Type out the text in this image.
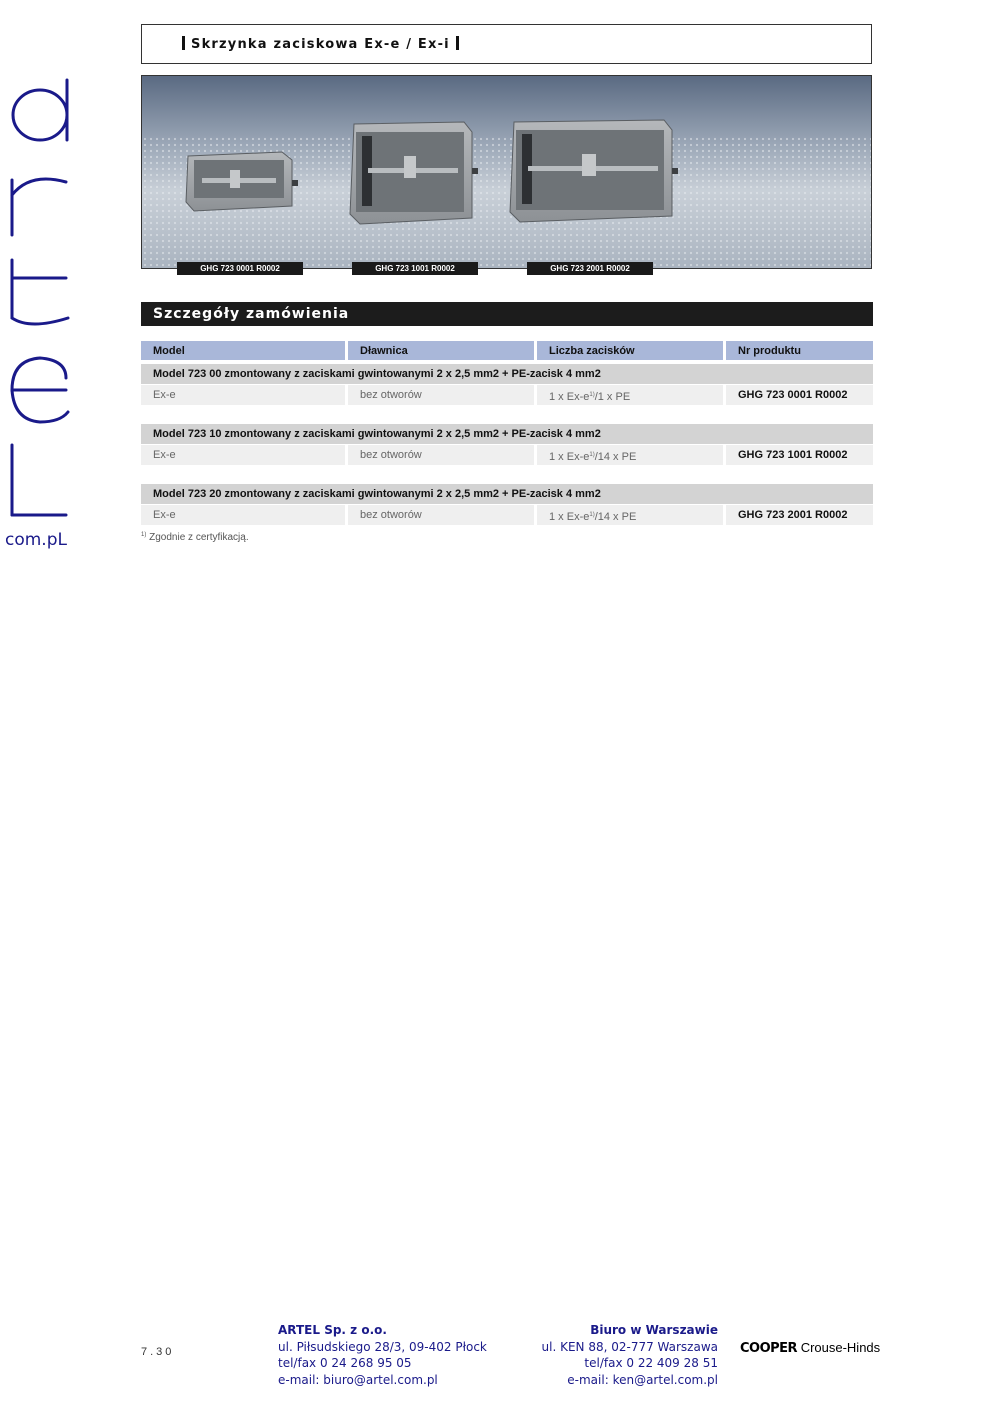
com.pL
Skrzynka zaciskowa Ex-e / Ex-i
GHG 723 0001 R0002	GHG 723 1001 R0002	GHG 723 2001 R0002
Szczegóły zamówienia
Model	Dławnica	Liczba zacisków	Nr produktu
Model 723 00 zmontowany z zaciskami gwintowanymi 2 x 2,5 mm2 + PE-zacisk 4 mm2
Ex-e	bez otworów	1 x $Ex-e^{1)}/1$ x PE	GHG 723 0001 R0002
Model 723 10 zmontowany z zaciskami gwintowanymi 2 x 2,5 mm2 + PE-zacisk 4 mm2
Ex-e	bez otworów	1 x $Ex-e^{1)}/14$ x PE	GHG 723 1001 R0002
Model 723 20 zmontowany z zaciskami gwintowanymi 2 x 2,5 mm2 + PE-zacisk 4 mm2
Ex-e	bez otworów	1 x $Ex-e^{1)}/14$ x PE	GHG 723 2001 R0002
$^{1)}$ Zgodnie z certyfikacją.
7.30
ARTEL Sp. z o.o.
ul. Piłsudskiego 28/3, 09-402 Płock
tel/fax 0 24 268 95 05
e-mail: biuro@artel.com.pl
Biuro w Warszawie
ul. KEN 88, 02-777 Warszawa
tel/fax 0 22 409 28 51
e-mail: ken@artel.com.pl
COOPER Crouse-Hinds
